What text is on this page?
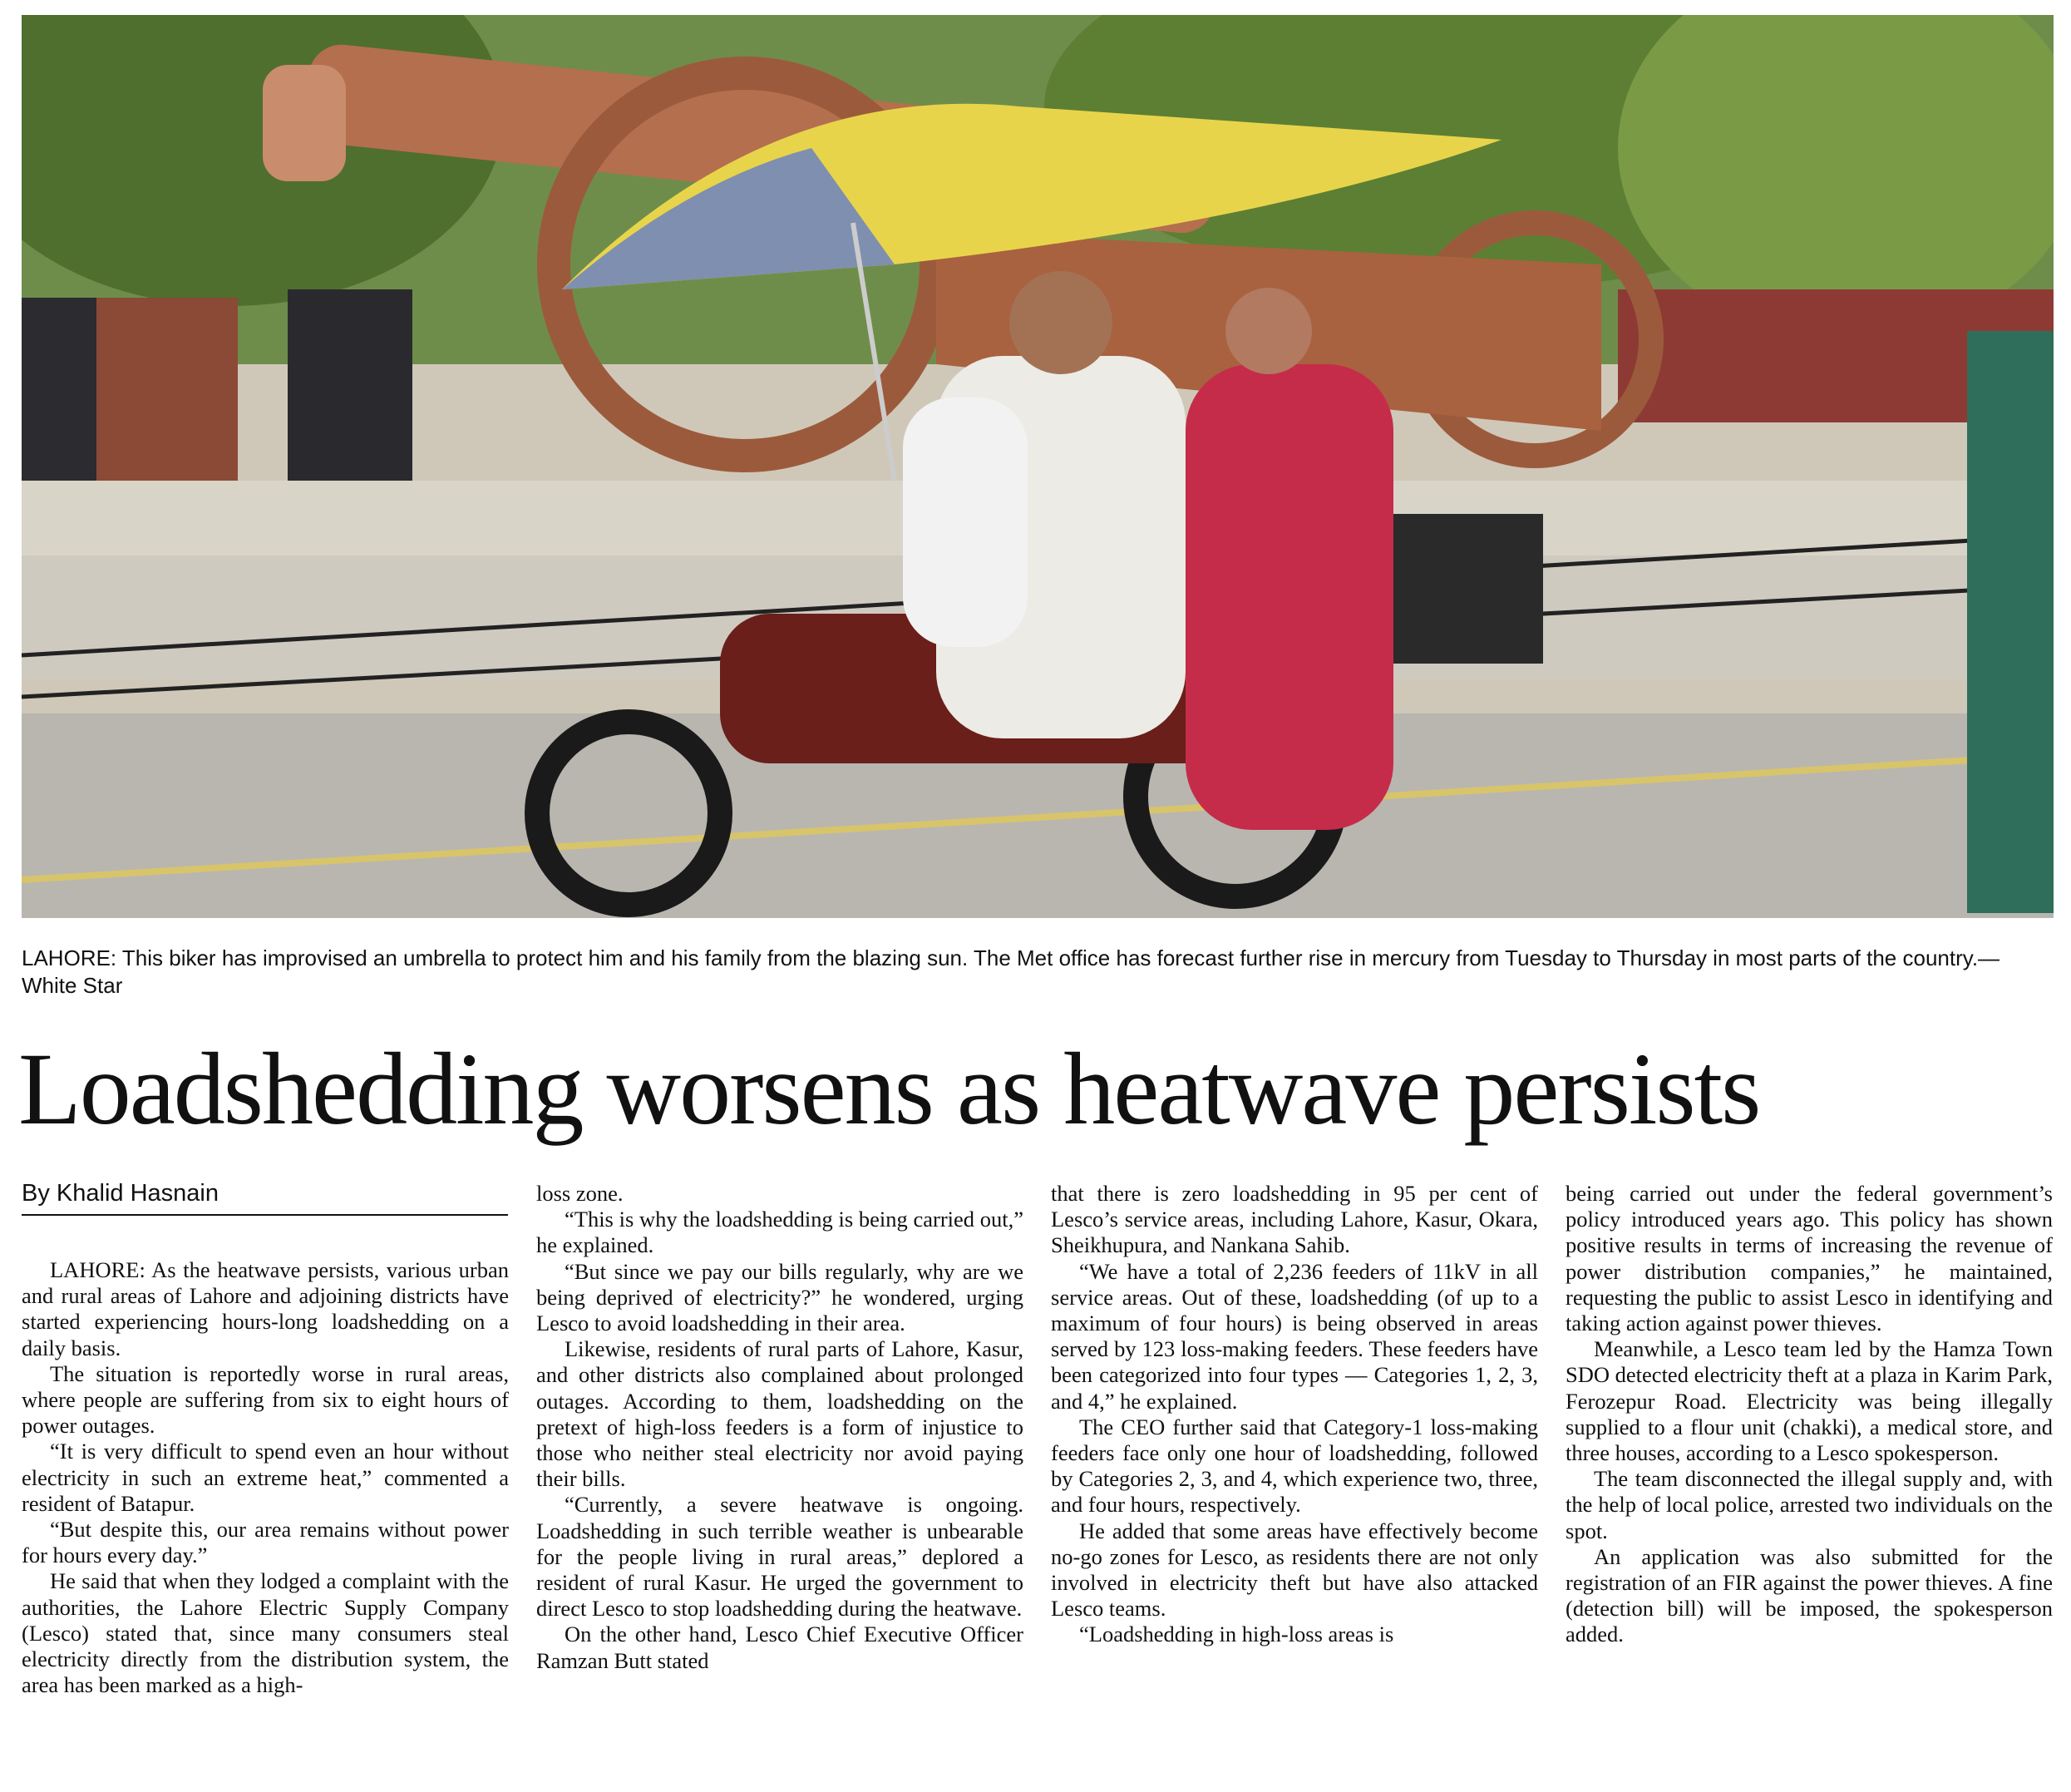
LAHORE: This biker has improvised an umbrella to protect him and his family from the blazing sun. The Met office has forecast further rise in mercury from Tuesday to Thursday in most parts of the country.—White Star
Loadshedding worsens as heatwave persists
By Khalid Hasnain

LAHORE: As the heatwave persists, various urban and rural areas of Lahore and adjoining districts have started experiencing hours-long loadshedding on a daily basis.

The situation is reportedly worse in rural areas, where people are suffering from six to eight hours of power outages.

“It is very difficult to spend even an hour without electricity in such an extreme heat,” commented a resident of Batapur.

“But despite this, our area remains without power for hours every day.”

He said that when they lodged a complaint with the authorities, the Lahore Electric Supply Company (Lesco) stated that, since many consumers steal electricity directly from the distribution system, the area has been marked as a high-

loss zone.

“This is why the loadshedding is being carried out,” he explained.

“But since we pay our bills regularly, why are we being deprived of electricity?” he wondered, urging Lesco to avoid loadshedding in their area.

Likewise, residents of rural parts of Lahore, Kasur, and other districts also complained about prolonged outages. According to them, loadshedding on the pretext of high-loss feeders is a form of injustice to those who neither steal electricity nor avoid paying their bills.

“Currently, a severe heatwave is ongoing. Loadshedding in such terrible weather is unbearable for the people living in rural areas,” deplored a resident of rural Kasur. He urged the government to direct Lesco to stop loadshedding during the heatwave.

On the other hand, Lesco Chief Executive Officer Ramzan Butt stated

that there is zero loadshedding in 95 per cent of Lesco’s service areas, including Lahore, Kasur, Okara, Sheikhupura, and Nankana Sahib.

“We have a total of 2,236 feeders of 11kV in all service areas. Out of these, loadshedding (of up to a maximum of four hours) is being observed in areas served by 123 loss-making feeders. These feeders have been categorized into four types — Categories 1, 2, 3, and 4,” he explained.

The CEO further said that Category-1 loss-making feeders face only one hour of loadshedding, followed by Categories 2, 3, and 4, which experience two, three, and four hours, respectively.

He added that some areas have effectively become no-go zones for Lesco, as residents there are not only involved in electricity theft but have also attacked Lesco teams.

“Loadshedding in high-loss areas is

being carried out under the federal government’s policy introduced years ago. This policy has shown positive results in terms of increasing the revenue of power distribution companies,” he maintained, requesting the public to assist Lesco in identifying and taking action against power thieves.

Meanwhile, a Lesco team led by the Hamza Town SDO detected electricity theft at a plaza in Karim Park, Ferozepur Road. Electricity was being illegally supplied to a flour unit (chakki), a medical store, and three houses, according to a Lesco spokesperson.

The team disconnected the illegal supply and, with the help of local police, arrested two individuals on the spot.

An application was also submitted for the registration of an FIR against the power thieves. A fine (detection bill) will be imposed, the spokesperson added.
